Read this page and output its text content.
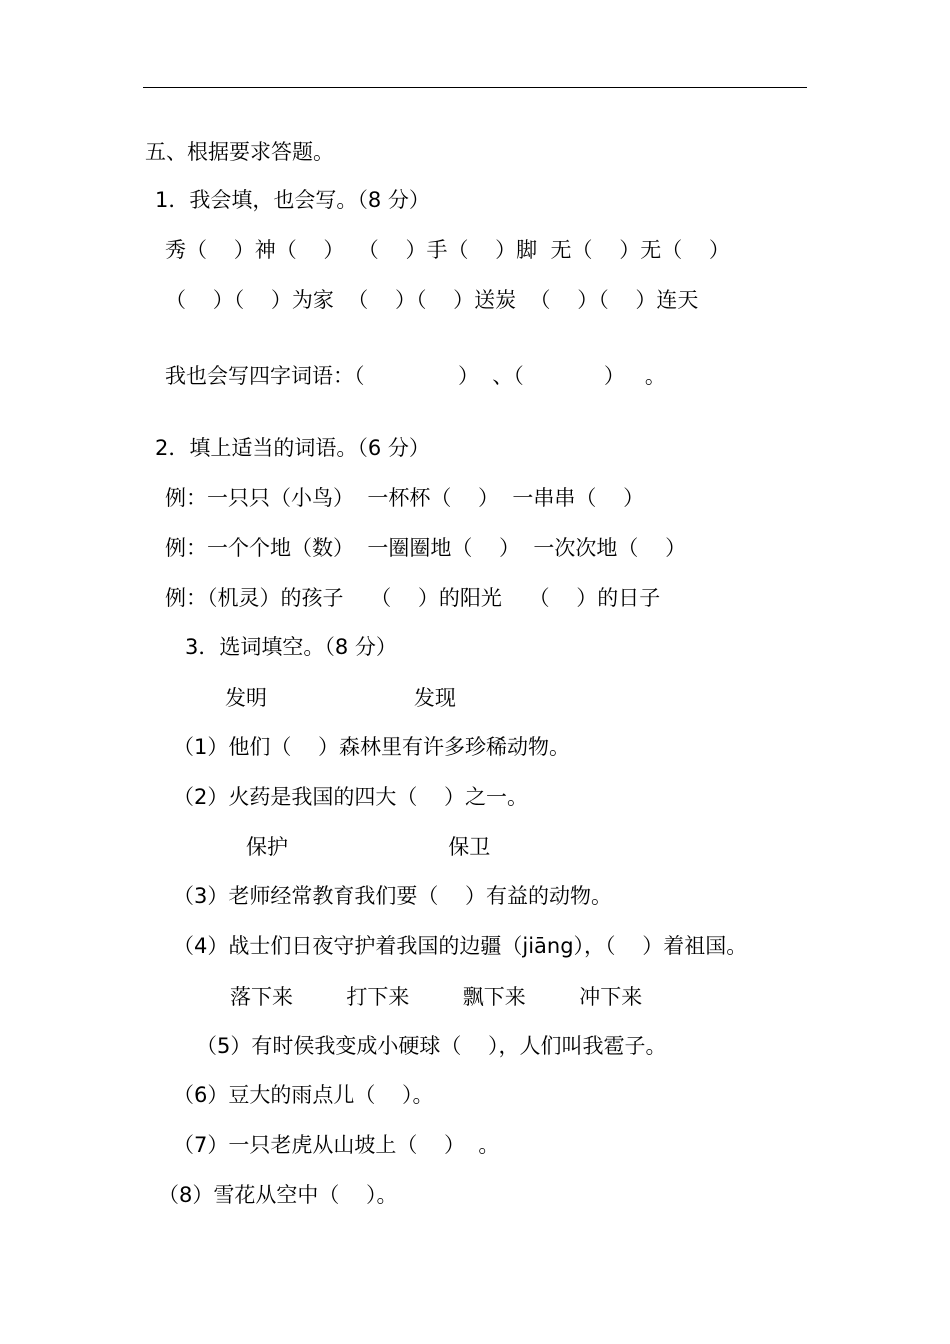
五、根据要求答题。
1．我会填，也会写。（8 分）
秀（    ）神（    ）  （    ）手（    ）脚  无（    ）无（    ）
（    ）（    ）为家  （    ）（    ）送炭  （    ）（    ）连天
我也会写四字词语：（              ）  、（            ）   。
2．填上适当的词语。（6 分）
例：一只只（小鸟）  一杯杯（    ）  一串串（    ）
例：一个个地（数）  一圈圈地（    ）  一次次地（    ）
例：（机灵）的孩子    （    ）的阳光    （    ）的日子
3．选词填空。（8 分）
发明                      发现
（1）他们（    ）森林里有许多珍稀动物。
（2）火药是我国的四大（    ）之一。
保护                        保卫
（3）老师经常教育我们要（    ）有益的动物。
（4）战士们日夜守护着我国的边疆（jiāng），（    ）着祖国。
落下来        打下来        飘下来        冲下来
（5）有时侯我变成小硬球（    ），人们叫我雹子。
（6）豆大的雨点儿（    ）。
（7）一只老虎从山坡上（    ）  。
（8）雪花从空中（    ）。
